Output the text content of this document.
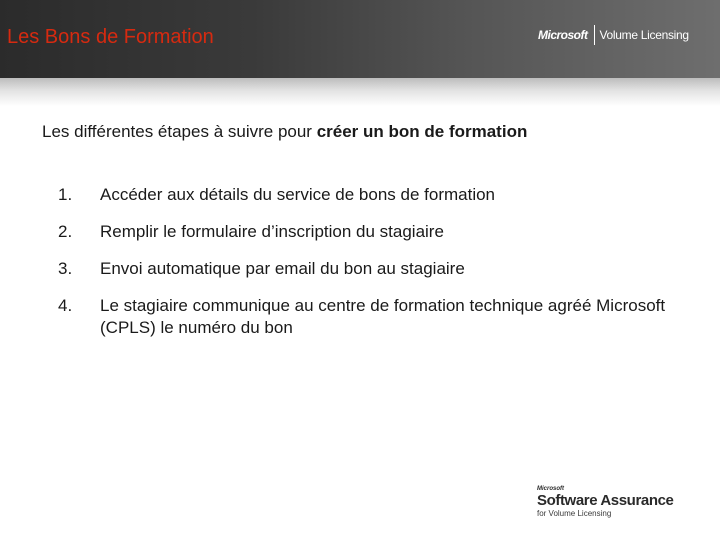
Les Bons de Formation	Microsoft Volume Licensing
Les différentes étapes à suivre pour créer un bon de formation
1.	Accéder aux détails du service de bons de formation
2.	Remplir le formulaire d’inscription du stagiaire
3.	Envoi automatique par email du bon au stagiaire
4.	Le stagiaire communique au centre de formation technique agréé Microsoft (CPLS) le numéro du bon
Microsoft
Software Assurance
for Volume Licensing
